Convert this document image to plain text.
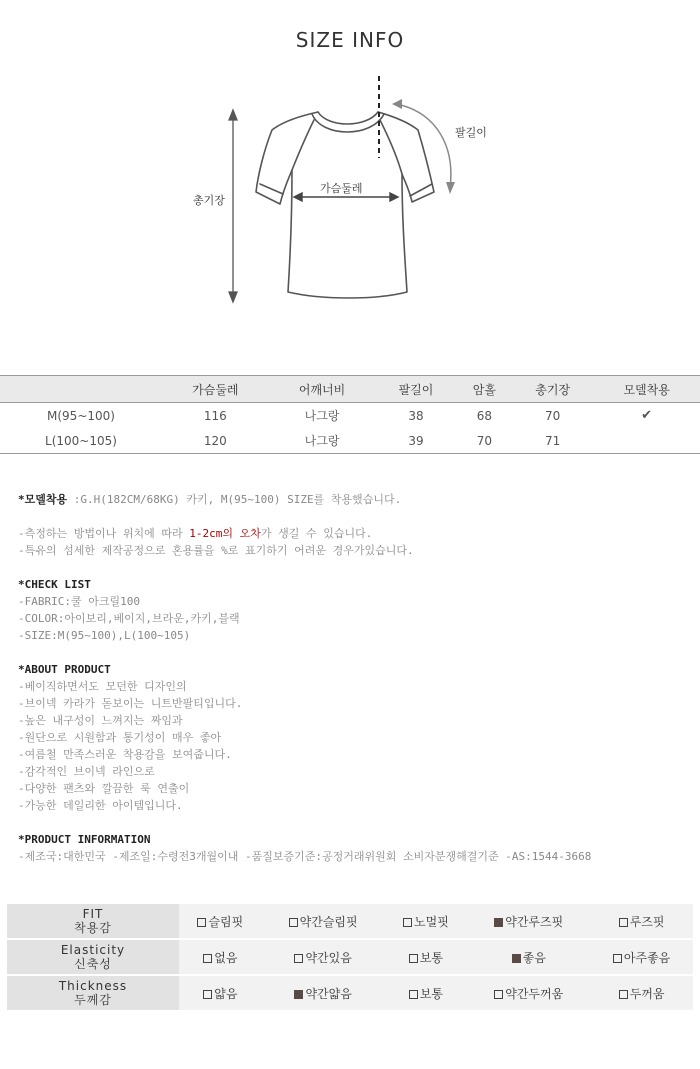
SIZE INFO
팔길이
가슴둘레
총기장
	가슴둘레	어깨너비	팔길이	암홀	총기장	모델착용
M(95~100)	116	나그랑	38	68	70	✔
L(100~105)	120	나그랑	39	70	71	
*모델착용 :G.H(182CM/68KG) 카키, M(95~100) SIZE를 착용했습니다.
-측정하는 방법이나 위치에 따라 1-2cm의 오차가 생길 수 있습니다.
-특유의 섬세한 제작공정으로 혼용률을 %로 표기하기 어려운 경우가있습니다.
*CHECK LIST
-FABRIC:쿨 아크릴100
-COLOR:아이보리,베이지,브라운,카키,블랙
-SIZE:M(95~100),L(100~105)
*ABOUT PRODUCT
-베이직하면서도 모던한 디자인의
-브이넥 카라가 돋보이는 니트반팔티입니다.
-높은 내구성이 느껴지는 짜임과
-원단으로 시원함과 통기성이 매우 좋아
-여름철 만족스러운 착용감을 보여줍니다.
-감각적인 브이넥 라인으로
-다양한 팬츠와 깔끔한 룩 연출이
-가능한 데일리한 아이템입니다.
*PRODUCT INFORMATION
-제조국:대한민국 -제조일:수령전3개월이내 -품질보증기준:공정거래위원회 소비자분쟁해결기준 -AS:1544-3668
FIT
착용감	슬림핏	약간슬림핏	노멀핏	약간루즈핏	루즈핏

Elasticity
신축성	없음	약간있음	보통	좋음	아주좋음

Thickness
두께감	얇음	약간얇음	보통	약간두꺼움	두꺼움
